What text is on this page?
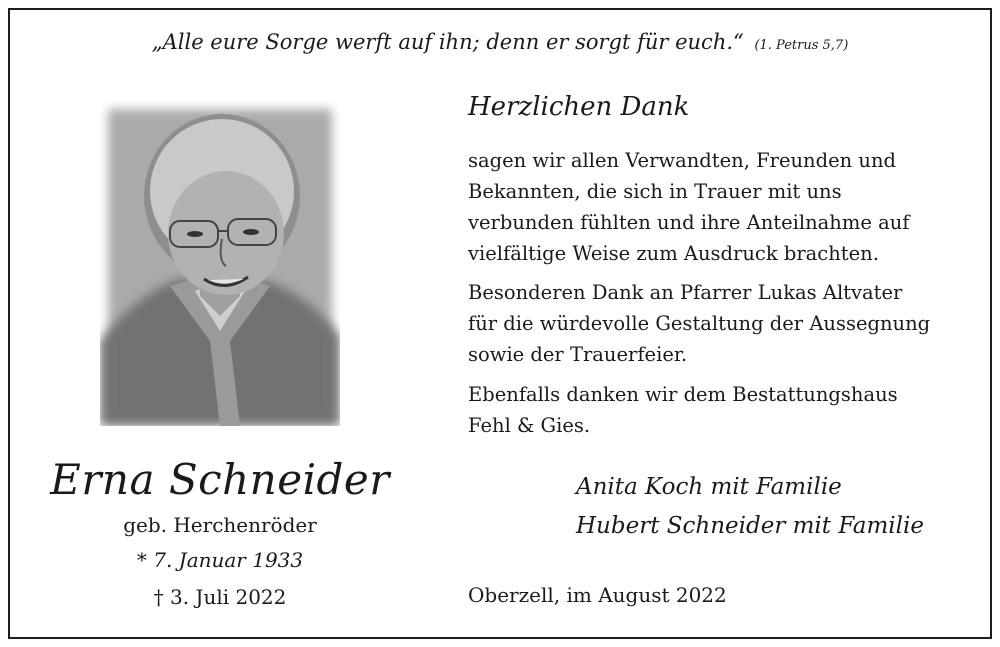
„Alle eure Sorge werft auf ihn; denn er sorgt für euch.“ (1. Petrus 5,7)
Erna Schneider
geb. Herchenröder
* 7. Januar 1933
† 3. Juli 2022
Herzlichen Dank

sagen wir allen Verwandten, Freunden und

Bekannten, die sich in Trauer mit uns

verbunden fühlten und ihre Anteilnahme auf

vielfältige Weise zum Ausdruck brachten.

Besonderen Dank an Pfarrer Lukas Altvater

für die würdevolle Gestaltung der Aussegnung

sowie der Trauerfeier.

Ebenfalls danken wir dem Bestattungshaus

Fehl & Gies.

Anita Koch mit Familie
Hubert Schneider mit Familie
Oberzell, im August 2022
